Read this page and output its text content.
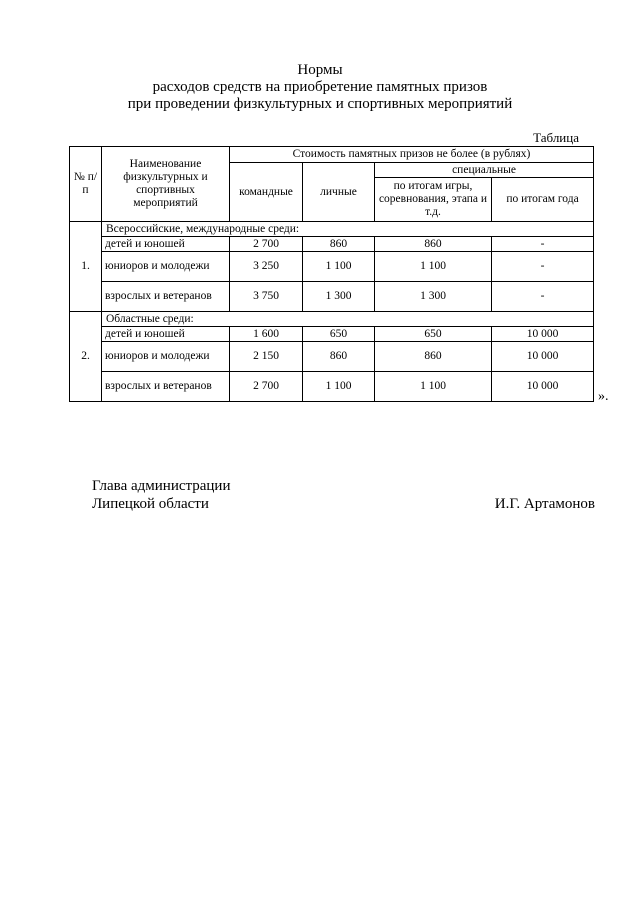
Нормы
расходов средств на приобретение памятных призов
при проведении физкультурных и спортивных мероприятий
Таблица
№ п/п	Наименование физкультурных и спортивных мероприятий	Стоимость памятных призов не более (в рублях)			
		командные	личные	специальные	
				по итогам игры, соревнования, этапа и т.д.	по итогам года
1.	Всероссийские, международные среди:				
	детей и юношей	2 700	860	860	-
	юниоров и молодежи	3 250	1 100	1 100	-
	взрослых и ветеранов	3 750	1 300	1 300	-
2.	Областные среди:				
	детей и юношей	1 600	650	650	10 000
	юниоров и молодежи	2 150	860	860	10 000
	взрослых и ветеранов	2 700	1 100	1 100	10 000
».
Глава администрации
Липецкой области	И.Г. Артамонов
